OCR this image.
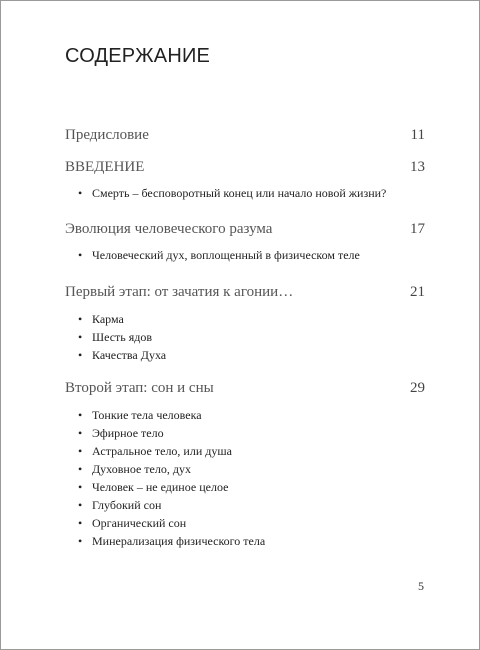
СОДЕРЖАНИЕ
Предисловие	11
ВВЕДЕНИЕ	13
• Смерть – бесповоротный конец или начало новой жизни?
Эволюция человеческого разума	17
• Человеческий дух, воплощенный в физическом теле
Первый этап: от зачатия к агонии…	21
• Карма
• Шесть ядов
• Качества Духа
Второй этап: сон и сны	29
• Тонкие тела человека
• Эфирное тело
• Астральное тело, или душа
• Духовное тело, дух
• Человек – не единое целое
• Глубокий сон
• Органический сон
• Минерализация физического тела
5
